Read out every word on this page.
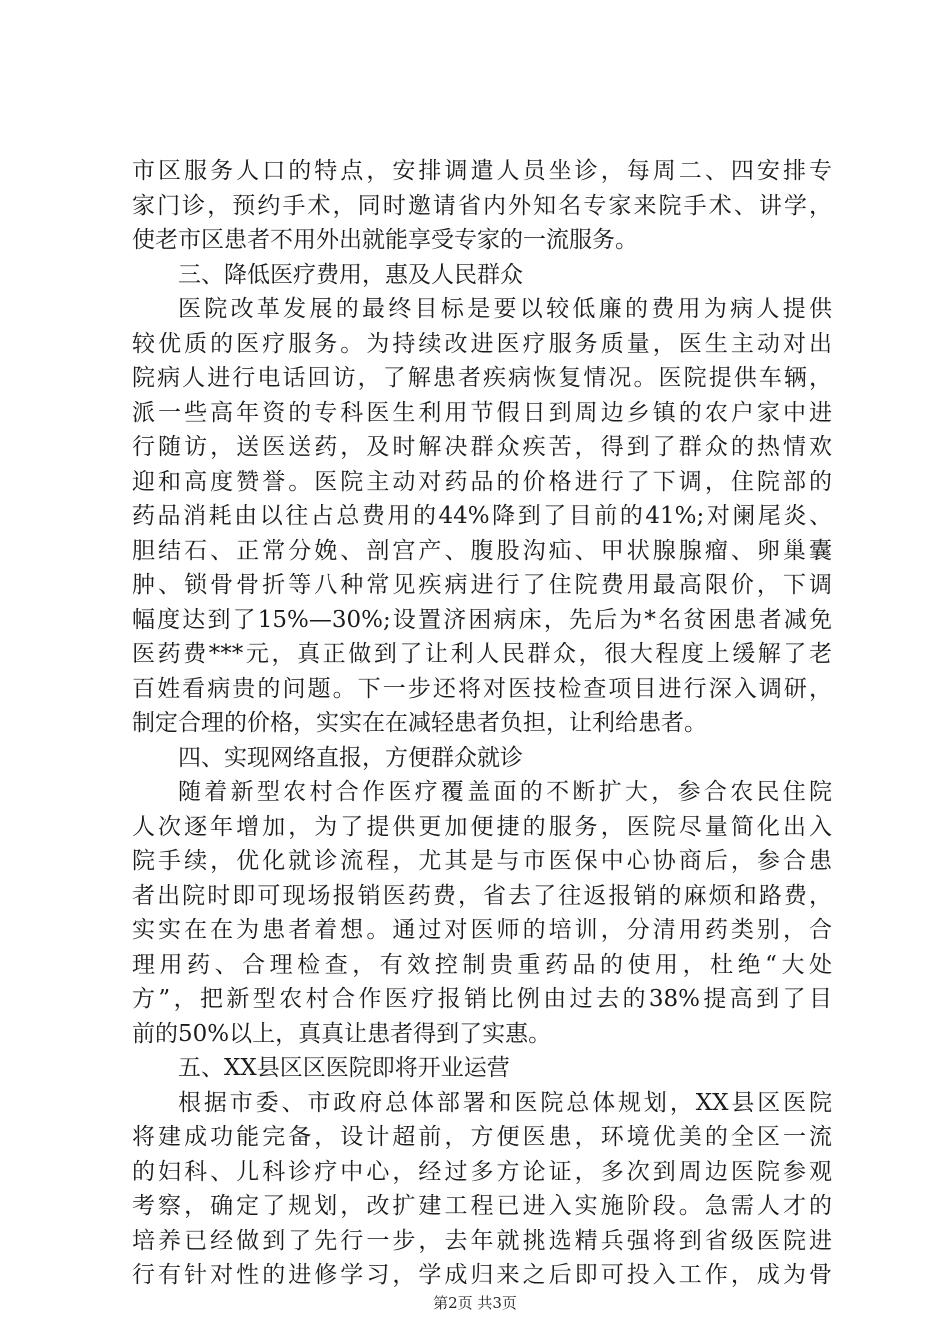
市区服务人口的特点，安排调遣人员坐诊，每周二、四安排专
家门诊，预约手术，同时邀请省内外知名专家来院手术、讲学，
使老市区患者不用外出就能享受专家的一流服务。
三、降低医疗费用，惠及人民群众
医院改革发展的最终目标是要以较低廉的费用为病人提供
较优质的医疗服务。为持续改进医疗服务质量，医生主动对出
院病人进行电话回访，了解患者疾病恢复情况。医院提供车辆，
派一些高年资的专科医生利用节假日到周边乡镇的农户家中进
行随访，送医送药，及时解决群众疾苦，得到了群众的热情欢
迎和高度赞誉。医院主动对药品的价格进行了下调，住院部的
药品消耗由以往占总费用的44%降到了目前的41%;对阑尾炎、
胆结石、正常分娩、剖宫产、腹股沟疝、甲状腺腺瘤、卵巢囊
肿、锁骨骨折等八种常见疾病进行了住院费用最高限价，下调
幅度达到了15%—30%;设置济困病床，先后为*名贫困患者减免
医药费***元，真正做到了让利人民群众，很大程度上缓解了老
百姓看病贵的问题。下一步还将对医技检查项目进行深入调研，
制定合理的价格，实实在在减轻患者负担，让利给患者。
四、实现网络直报，方便群众就诊
随着新型农村合作医疗覆盖面的不断扩大，参合农民住院
人次逐年增加，为了提供更加便捷的服务，医院尽量简化出入
院手续，优化就诊流程，尤其是与市医保中心协商后，参合患
者出院时即可现场报销医药费，省去了往返报销的麻烦和路费，
实实在在为患者着想。通过对医师的培训，分清用药类别，合
理用药、合理检查，有效控制贵重药品的使用，杜绝“大处
方”，把新型农村合作医疗报销比例由过去的38%提高到了目
前的50%以上，真真让患者得到了实惠。
五、XX县区区医院即将开业运营
根据市委、市政府总体部署和医院总体规划，XX县区医院
将建成功能完备，设计超前，方便医患，环境优美的全区一流
的妇科、儿科诊疗中心，经过多方论证，多次到周边医院参观
考察，确定了规划，改扩建工程已进入实施阶段。急需人才的
培养已经做到了先行一步，去年就挑选精兵强将到省级医院进
行有针对性的进修学习，学成归来之后即可投入工作，成为骨
第2页 共3页
